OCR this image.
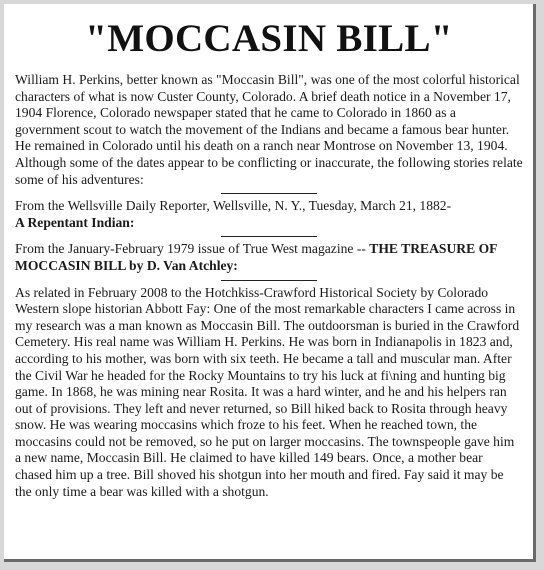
"MOCCASIN BILL"

William H. Perkins, better known as "Moccasin Bill", was one of the most colorful historical characters of what is now Custer County, Colorado. A brief death notice in a November 17, 1904 Florence, Colorado newspaper stated that he came to Colorado in 1860 as a government scout to watch the movement of the Indians and became a famous bear hunter. He remained in Colorado until his death on a ranch near Montrose on November 13, 1904. Although some of the dates appear to be conflicting or inaccurate, the following stories relate some of his adventures:

From the Wellsville Daily Reporter, Wellsville, N. Y., Tuesday, March 21, 1882-
A Repentant Indian:

From the January-February 1979 issue of True West magazine -- THE TREASURE OF MOCCASIN BILL by D. Van Atchley:

As related in February 2008 to the Hotchkiss-Crawford Historical Society by Colorado Western slope historian Abbott Fay: One of the most remarkable characters I came across in my research was a man known as Moccasin Bill. The outdoorsman is buried in the Crawford Cemetery. His real name was William H. Perkins. He was born in Indianapolis in 1823 and, according to his mother, was born with six teeth. He became a tall and muscular man. After the Civil War he headed for the Rocky Mountains to try his luck at fi\ning and hunting big game. In 1868, he was mining near Rosita. It was a hard winter, and he and his helpers ran out of provisions. They left and never returned, so Bill hiked back to Rosita through heavy snow. He was wearing moccasins which froze to his feet. When he reached town, the moccasins could not be removed, so he put on larger moccasins. The townspeople gave him a new name, Moccasin Bill. He claimed to have killed 149 bears. Once, a mother bear chased him up a tree. Bill shoved his shotgun into her mouth and fired. Fay said it may be the only time a bear was killed with a shotgun.
